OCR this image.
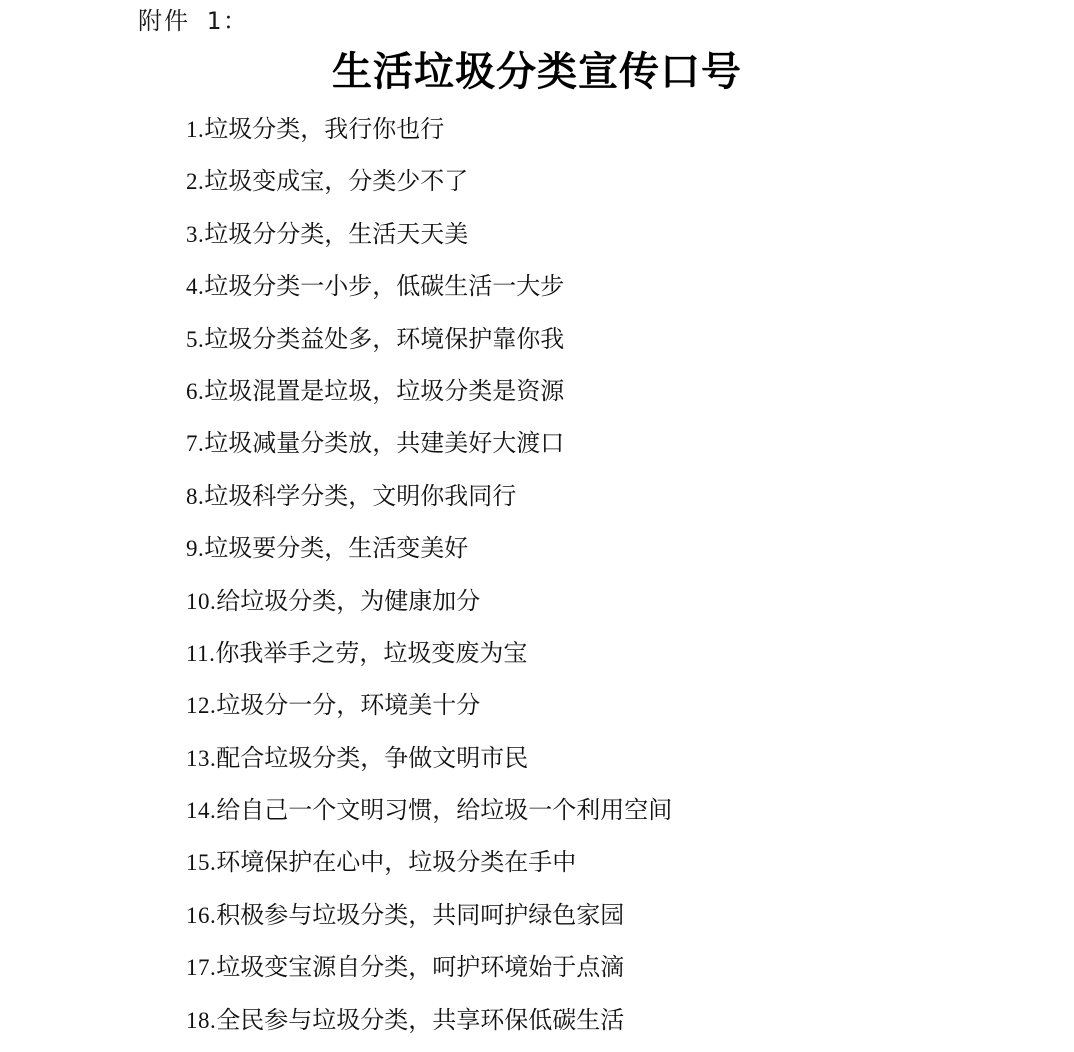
附件 1：
生活垃圾分类宣传口号
1.垃圾分类，我行你也行
2.垃圾变成宝，分类少不了
3.垃圾分分类，生活天天美
4.垃圾分类一小步，低碳生活一大步
5.垃圾分类益处多，环境保护靠你我
6.垃圾混置是垃圾，垃圾分类是资源
7.垃圾减量分类放，共建美好大渡口
8.垃圾科学分类，文明你我同行
9.垃圾要分类，生活变美好
10.给垃圾分类，为健康加分
11.你我举手之劳，垃圾变废为宝
12.垃圾分一分，环境美十分
13.配合垃圾分类，争做文明市民
14.给自己一个文明习惯，给垃圾一个利用空间
15.环境保护在心中，垃圾分类在手中
16.积极参与垃圾分类，共同呵护绿色家园
17.垃圾变宝源自分类，呵护环境始于点滴
18.全民参与垃圾分类，共享环保低碳生活
